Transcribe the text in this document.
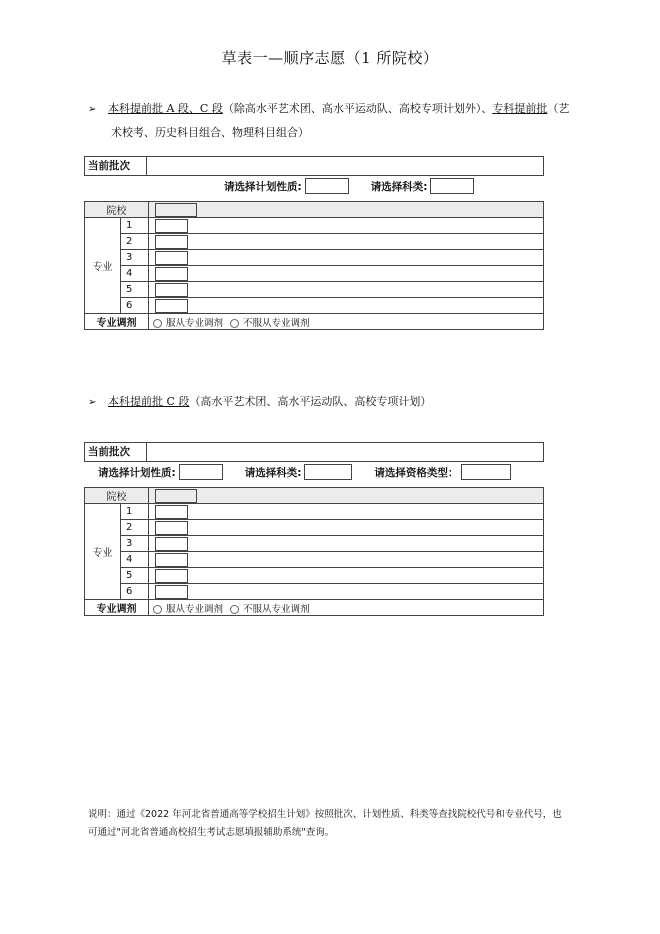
草表一—顺序志愿（1 所院校）
➢ 本科提前批 A 段、C 段（除高水平艺术团、高水平运动队、高校专项计划外）、专科提前批（艺
术校考、历史科目组合、物理科目组合）
当前批次
请选择计划性质:	请选择科类:
院校		
专业	1	
	2	
	3	
	4	
	5	
	6	
专业调剂		服从专业调剂 不服从专业调剂
➢ 本科提前批 C 段（高水平艺术团、高水平运动队、高校专项计划）
当前批次
请选择计划性质:	请选择科类:	请选择资格类型：
院校		
专业	1	
	2	
	3	
	4	
	5	
	6	
专业调剂		服从专业调剂 不服从专业调剂
说明：通过《2022 年河北省普通高等学校招生计划》按照批次、计划性质、科类等查找院校代号和专业代号，也
可通过"河北省普通高校招生考试志愿填报辅助系统"查询。
